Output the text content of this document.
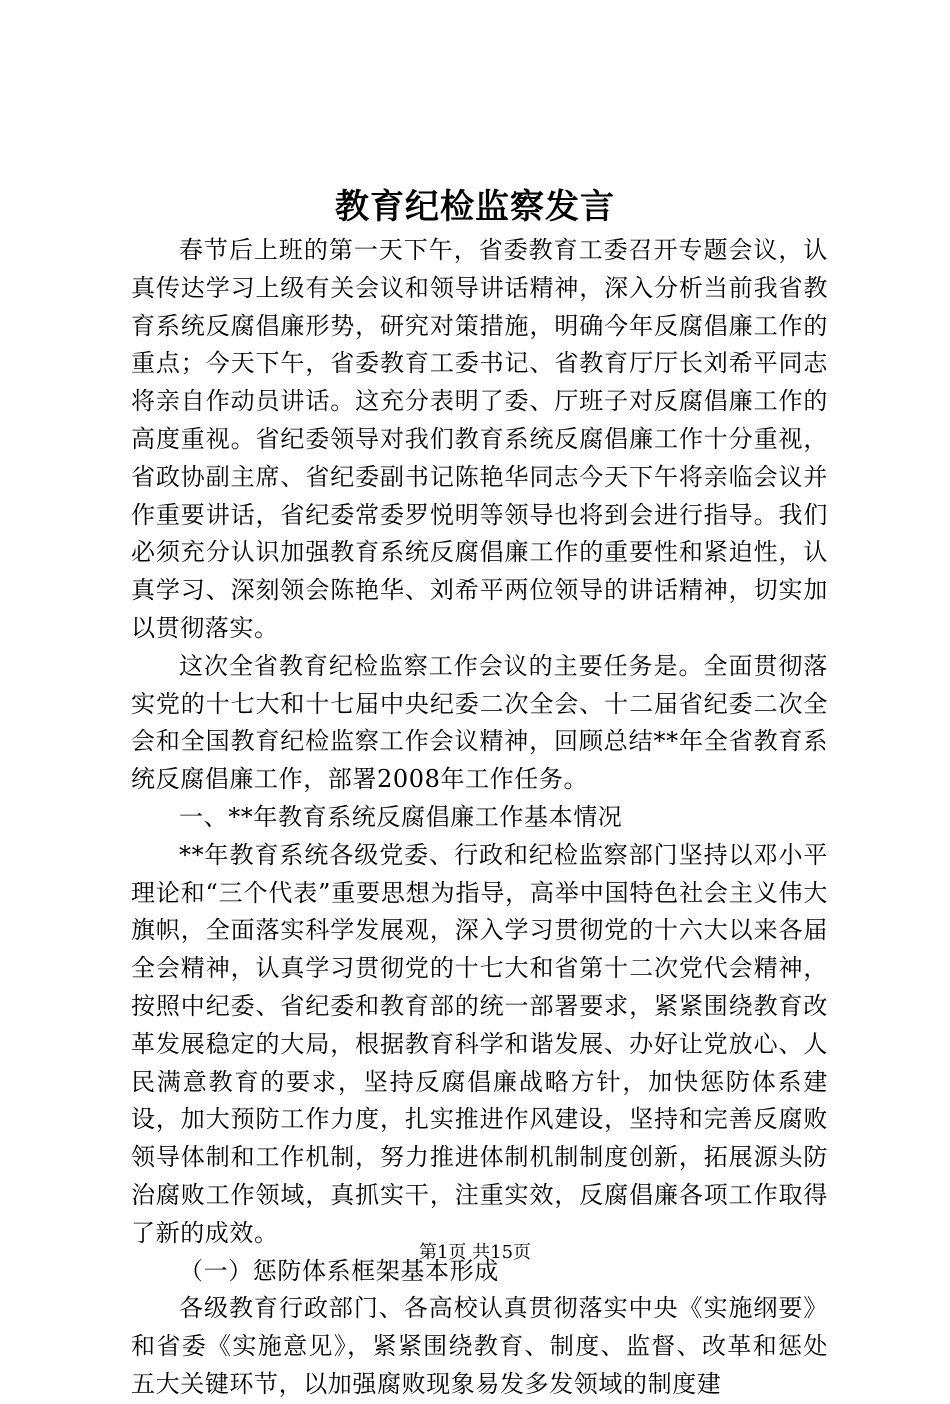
教育纪检监察发言

春节后上班的第一天下午，省委教育工委召开专题会议，认真传达学习上级有关会议和领导讲话精神，深入分析当前我省教育系统反腐倡廉形势，研究对策措施，明确今年反腐倡廉工作的重点；今天下午，省委教育工委书记、省教育厅厅长刘希平同志将亲自作动员讲话。这充分表明了委、厅班子对反腐倡廉工作的高度重视。省纪委领导对我们教育系统反腐倡廉工作十分重视，省政协副主席、省纪委副书记陈艳华同志今天下午将亲临会议并作重要讲话，省纪委常委罗悦明等领导也将到会进行指导。我们必须充分认识加强教育系统反腐倡廉工作的重要性和紧迫性，认真学习、深刻领会陈艳华、刘希平两位领导的讲话精神，切实加以贯彻落实。

这次全省教育纪检监察工作会议的主要任务是。全面贯彻落实党的十七大和十七届中央纪委二次全会、十二届省纪委二次全会和全国教育纪检监察工作会议精神，回顾总结**年全省教育系统反腐倡廉工作，部署2008年工作任务。

一、**年教育系统反腐倡廉工作基本情况

**年教育系统各级党委、行政和纪检监察部门坚持以邓小平理论和“三个代表”重要思想为指导，高举中国特色社会主义伟大旗帜，全面落实科学发展观，深入学习贯彻党的十六大以来各届全会精神，认真学习贯彻党的十七大和省第十二次党代会精神，按照中纪委、省纪委和教育部的统一部署要求，紧紧围绕教育改革发展稳定的大局，根据教育科学和谐发展、办好让党放心、人民满意教育的要求，坚持反腐倡廉战略方针，加快惩防体系建设，加大预防工作力度，扎实推进作风建设，坚持和完善反腐败领导体制和工作机制，努力推进体制机制制度创新，拓展源头防治腐败工作领域，真抓实干，注重实效，反腐倡廉各项工作取得了新的成效。

（一）惩防体系框架基本形成

各级教育行政部门、各高校认真贯彻落实中央《实施纲要》和省委《实施意见》，紧紧围绕教育、制度、监督、改革和惩处五大关键环节，以加强腐败现象易发多发领域的制度建

第1页 共15页
